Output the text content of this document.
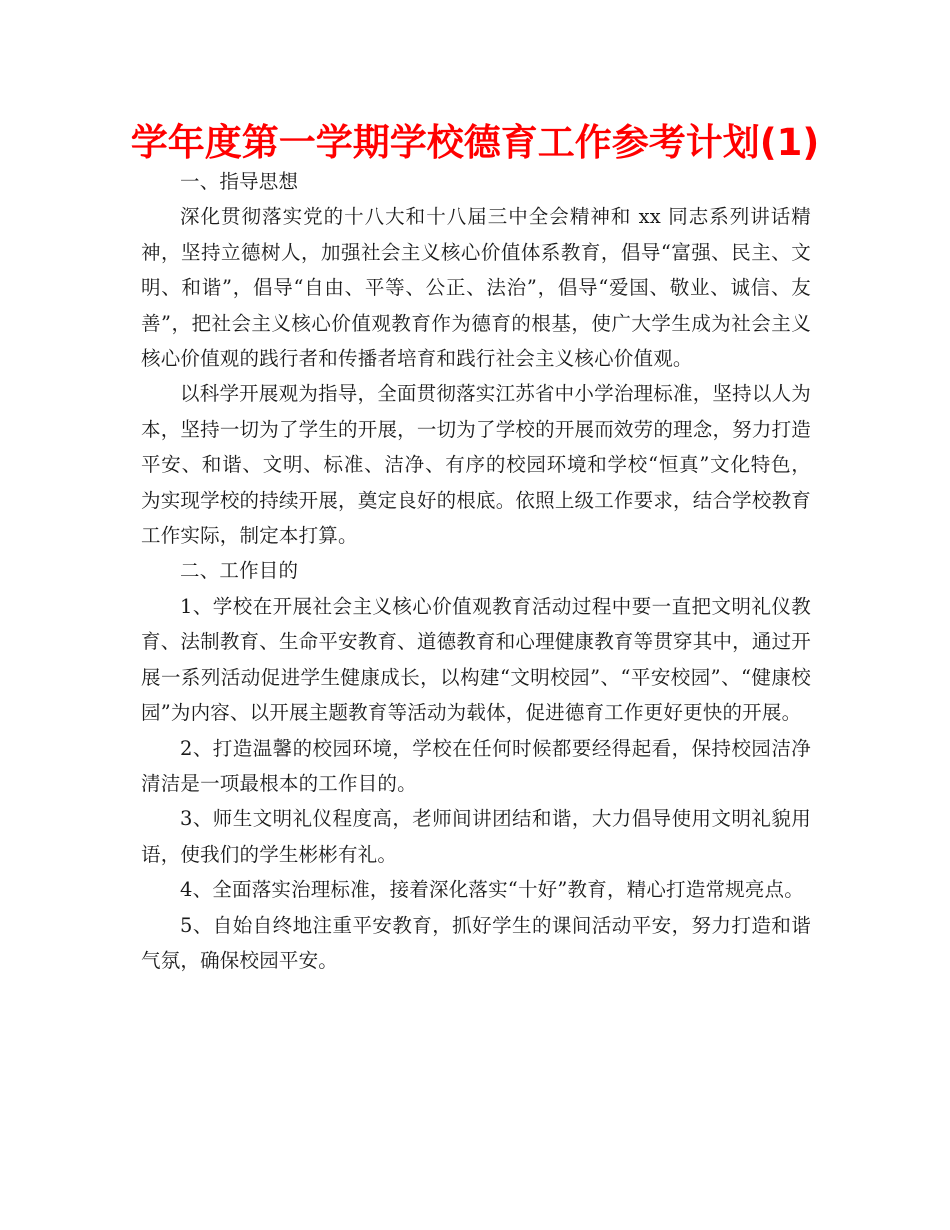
学年度第一学期学校德育工作参考计划(1)

一、指导思想

深化贯彻落实党的十八大和十八届三中全会精神和 xx 同志系列讲话精神，坚持立德树人，加强社会主义核心价值体系教育，倡导“富强、民主、文明、和谐”，倡导“自由、平等、公正、法治”，倡导“爱国、敬业、诚信、友善”，把社会主义核心价值观教育作为德育的根基，使广大学生成为社会主义核心价值观的践行者和传播者培育和践行社会主义核心价值观。

以科学开展观为指导，全面贯彻落实江苏省中小学治理标准，坚持以人为本，坚持一切为了学生的开展，一切为了学校的开展而效劳的理念，努力打造平安、和谐、文明、标准、洁净、有序的校园环境和学校“恒真”文化特色，为实现学校的持续开展，奠定良好的根底。依照上级工作要求，结合学校教育工作实际，制定本打算。

二、工作目的

1、学校在开展社会主义核心价值观教育活动过程中要一直把文明礼仪教育、法制教育、生命平安教育、道德教育和心理健康教育等贯穿其中，通过开展一系列活动促进学生健康成长，以构建“文明校园”、“平安校园”、“健康校园”为内容、以开展主题教育等活动为载体，促进德育工作更好更快的开展。

2、打造温馨的校园环境，学校在任何时候都要经得起看，保持校园洁净清洁是一项最根本的工作目的。

3、师生文明礼仪程度高，老师间讲团结和谐，大力倡导使用文明礼貌用语，使我们的学生彬彬有礼。

4、全面落实治理标准，接着深化落实“十好”教育，精心打造常规亮点。

5、自始自终地注重平安教育，抓好学生的课间活动平安，努力打造和谐气氛，确保校园平安。
